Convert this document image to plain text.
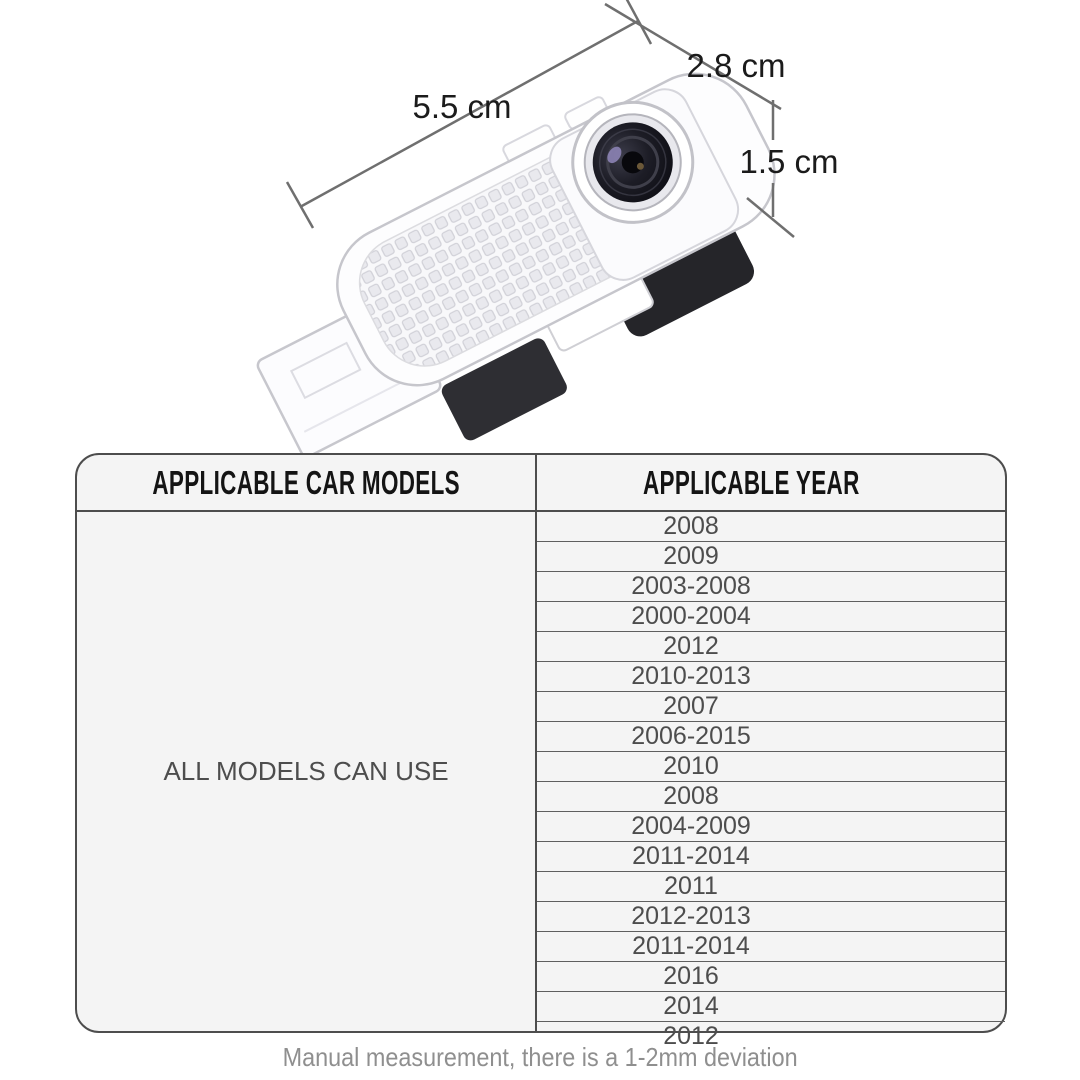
5.5 cm
2.8 cm
1.5 cm
APPLICABLE CAR MODELS	APPLICABLE YEAR
ALL MODELS CAN USE
2008
2009
2003-2008
2000-2004
2012
2010-2013
2007
2006-2015
2010
2008
2004-2009
2011-2014
2011
2012-2013
2011-2014
2016
2014
2012
Manual measurement, there is a 1-2mm deviation
